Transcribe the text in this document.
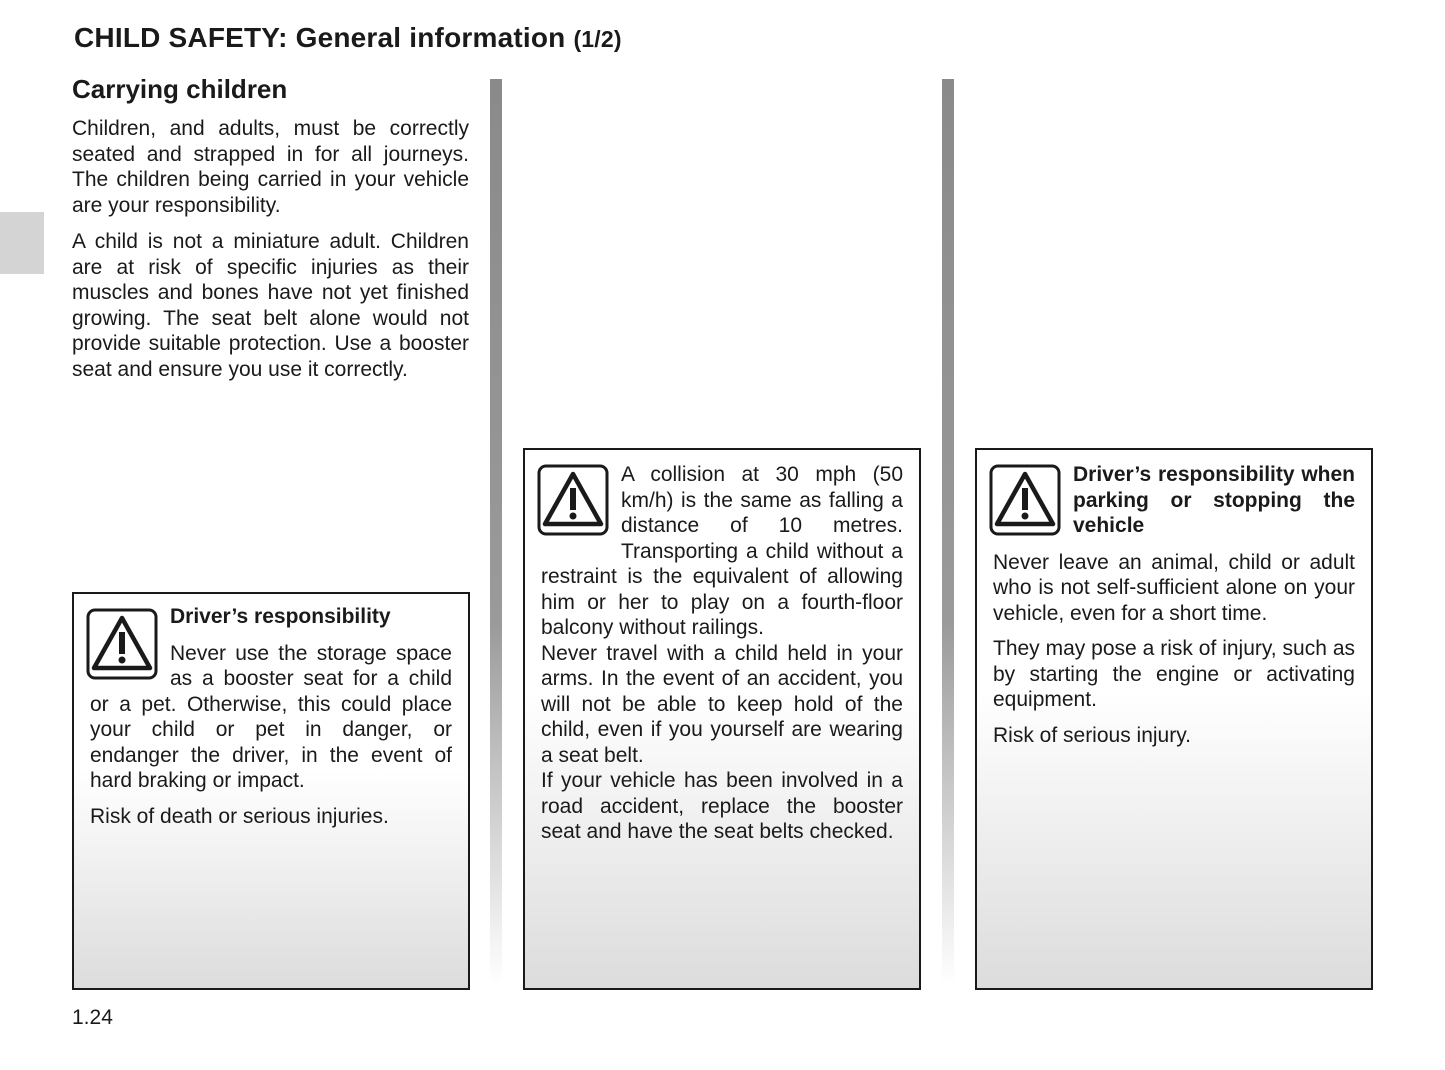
CHILD SAFETY: General information (1/2)
Carrying children

Children, and adults, must be correctly seated and strapped in for all journeys. The children being carried in your vehicle are your responsibility.

A child is not a miniature adult. Children are at risk of specific injuries as their muscles and bones have not yet finished growing. The seat belt alone would not provide suitable protection. Use a booster seat and ensure you use it correctly.

Driver’s responsibility

Never use the storage space as a booster seat for a child or a pet. Otherwise, this could place your child or pet in danger, or endanger the driver, in the event of hard braking or impact.

Risk of death or serious injuries.

A collision at 30 mph (50 km/h) is the same as falling a distance of 10 metres. Transporting a child without a restraint is the equivalent of allowing him or her to play on a fourth-floor balcony without railings.

Never travel with a child held in your arms. In the event of an accident, you will not be able to keep hold of the child, even if you yourself are wearing a seat belt.

If your vehicle has been involved in a road accident, replace the booster seat and have the seat belts checked.

Driver’s responsibility when parking or stopping the vehicle

Never leave an animal, child or adult who is not self-sufficient alone on your vehicle, even for a short time.

They may pose a risk of injury, such as by starting the engine or activating equipment.

Risk of serious injury.

1.24
